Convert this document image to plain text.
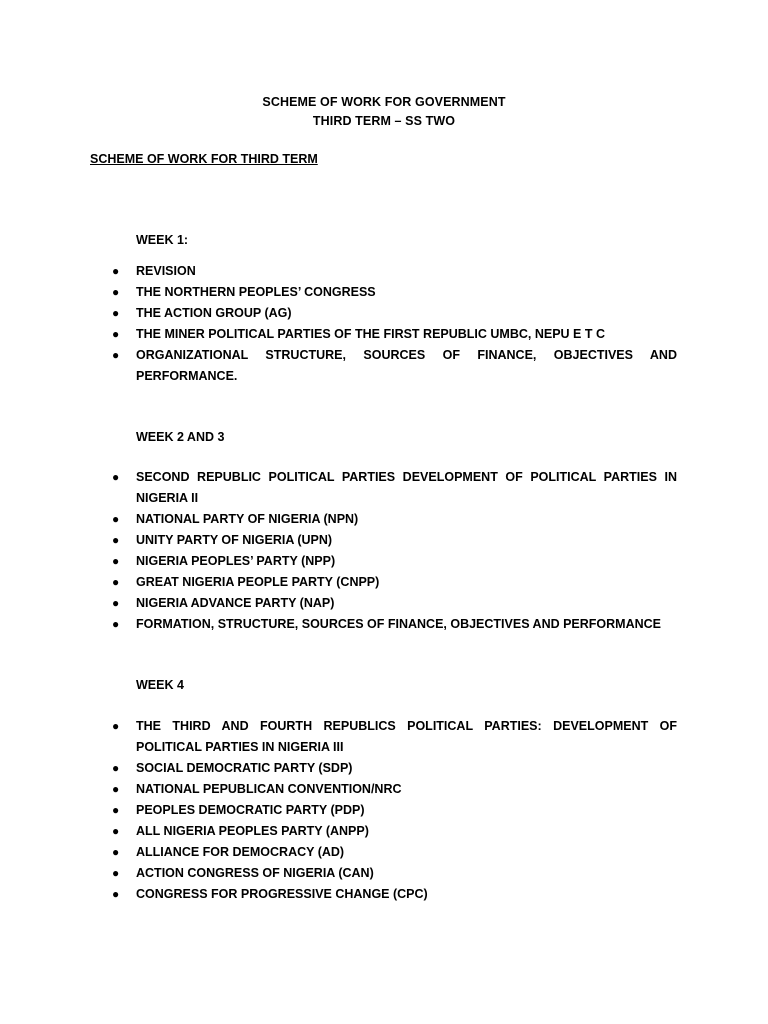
SCHEME OF WORK FOR GOVERNMENT
THIRD TERM – SS TWO
SCHEME OF WORK FOR THIRD TERM
WEEK 1:
● REVISION
● THE NORTHERN PEOPLES’ CONGRESS
● THE ACTION GROUP (AG)
● THE MINER POLITICAL PARTIES OF THE FIRST REPUBLIC UMBC, NEPU E T C
● ORGANIZATIONAL STRUCTURE, SOURCES OF FINANCE, OBJECTIVES AND PERFORMANCE.
WEEK 2 AND 3
● SECOND REPUBLIC POLITICAL PARTIES DEVELOPMENT OF POLITICAL PARTIES IN NIGERIA II
● NATIONAL PARTY OF NIGERIA (NPN)
● UNITY PARTY OF NIGERIA (UPN)
● NIGERIA PEOPLES’ PARTY (NPP)
● GREAT NIGERIA PEOPLE PARTY (CNPP)
● NIGERIA ADVANCE PARTY (NAP)
● FORMATION, STRUCTURE, SOURCES OF FINANCE, OBJECTIVES AND PERFORMANCE
WEEK 4
● THE THIRD AND FOURTH REPUBLICS POLITICAL PARTIES: DEVELOPMENT OF POLITICAL PARTIES IN NIGERIA III
● SOCIAL DEMOCRATIC PARTY (SDP)
● NATIONAL PEPUBLICAN CONVENTION/NRC
● PEOPLES DEMOCRATIC PARTY (PDP)
● ALL NIGERIA PEOPLES PARTY (ANPP)
● ALLIANCE FOR DEMOCRACY (AD)
● ACTION CONGRESS OF NIGERIA (CAN)
● CONGRESS FOR PROGRESSIVE CHANGE (CPC)
